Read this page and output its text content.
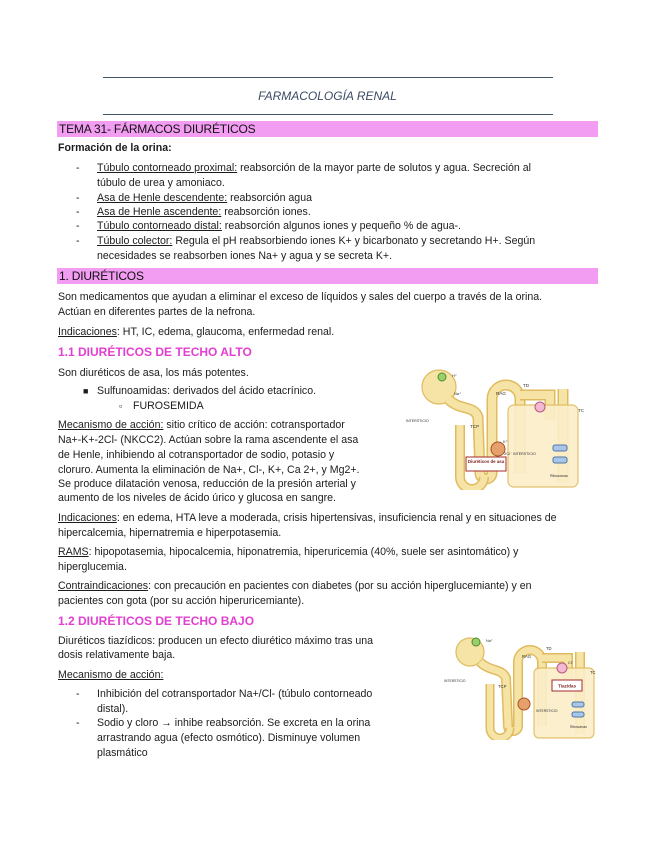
FARMACOLOGÍA RENAL
TEMA 31- FÁRMACOS DIURÉTICOS
Formación de la orina:
- Túbulo contorneado proximal: reabsorción de la mayor parte de solutos y agua. Secreción al
túbulo de urea y amoniaco.
- Asa de Henle descendente: reabsorción agua
- Asa de Henle ascendente: reabsorción iones.
- Túbulo contorneado distal: reabsorción algunos iones y pequeño % de agua-.
- Túbulo colector: Regula el pH reabsorbiendo iones K+ y bicarbonato y secretando H+. Según
necesidades se reabsorben iones Na+ y agua y se secreta K+.
1. DIURÉTICOS
Son medicamentos que ayudan a eliminar el exceso de líquidos y sales del cuerpo a través de la orina.
Actúan en diferentes partes de la nefrona.
Indicaciones: HT, IC, edema, glaucoma, enfermedad renal.
1.1 DIURÉTICOS DE TECHO ALTO
Son diuréticos de asa, los más potentes.
■ Sulfunoamidas: derivados del ácido etacrínico.
▫ FUROSEMIDA
Mecanismo de acción: sitio crítico de acción: cotransportador
Na+-K+-2Cl- (NKCC2). Actúan sobre la rama ascendente el asa
de Henle, inhibiendo al cotransportador de sodio, potasio y
cloruro. Aumenta la eliminación de Na+, Cl-, K+, Ca 2+, y Mg2+.
Se produce dilatación venosa, reducción de la presión arterial y
aumento de los niveles de ácido úrico y glucosa en sangre.
Indicaciones: en edema, HTA leve a moderada, crisis hipertensivas, insuficiencia renal y en situaciones de
hipercalcemia, hipernatremia e hiperpotasemia.
RAMS: hipopotasemia, hipocalcemia, hiponatremia, hiperuricemia (40%, suele ser asintomático) y
hiperglucemia.
Contraindicaciones: con precaución en pacientes con diabetes (por su acción hiperglucemiante) y en
pacientes con gota (por su acción hiperuricemiante).
1.2 DIURÉTICOS DE TECHO BAJO
Diuréticos tiazídicos: producen un efecto diurético máximo tras una
dosis relativamente baja.
Mecanismo de acción:
- Inhibición del cotransportador Na+/Cl- (túbulo contorneado
distal).
- Sodio y cloro → inhibe reabsorción. Se excreta en la orina
arrastrando agua (efecto osmótico). Disminuye volumen
plasmático
Diuréticos de asa
RAG
TD
TC
TCP
INTERSTICIO
INTERSTICIO
Ribosomas
H⁺
Na⁺
K⁺
2Cl⁻
Tiazidas
RAG
TD
TC
TCP
INTERSTICIO
INTERSTICIO
Ribosomas
Na⁺
Cl⁻
